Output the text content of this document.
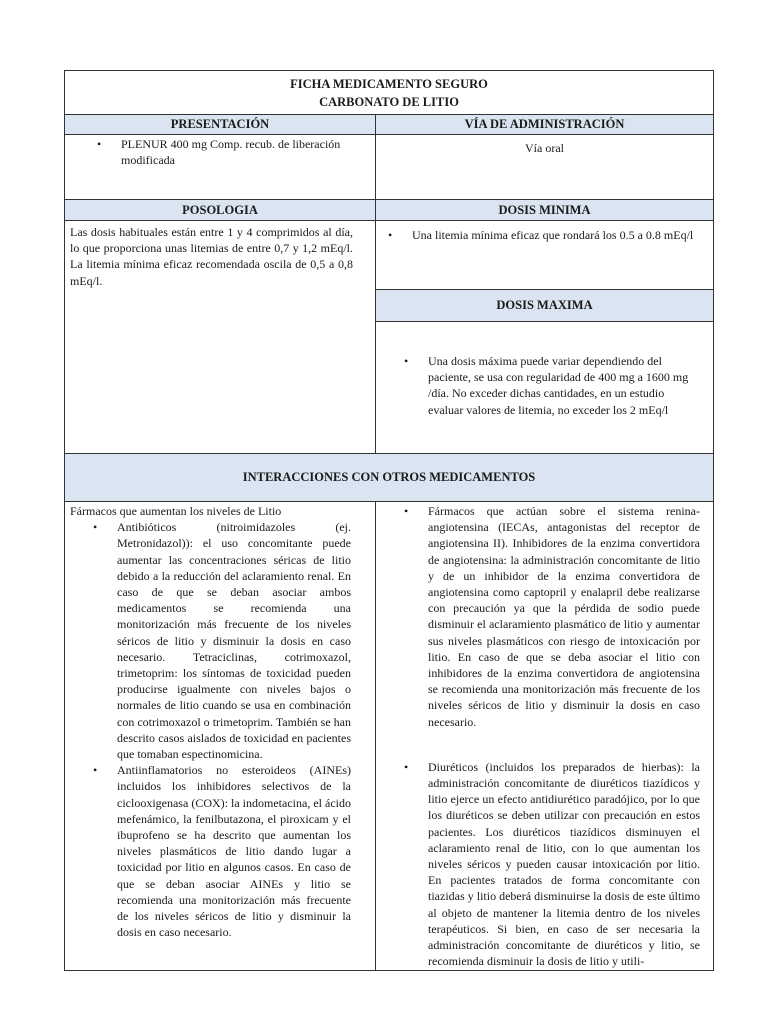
FICHA MEDICAMENTO SEGURO
CARBONATO DE LITIO
PRESENTACIÓN	VÍA DE ADMINISTRACIÓN
• PLENUR 400 mg Comp. recub. de liberación modificada
Vía oral
POSOLOGIA	DOSIS MINIMA
Las dosis habituales están entre 1 y 4 comprimidos al día, lo que proporciona unas litemias de entre 0,7 y 1,2 mEq/l. La litemia mínima eficaz recomendada oscila de 0,5 a 0,8 mEq/l.
• Una litemia mínima eficaz que rondará los 0.5 a 0.8 mEq/l
DOSIS MAXIMA
• Una dosis máxima puede variar dependiendo del paciente, se usa con regularidad de 400 mg a 1600 mg /día. No exceder dichas cantidades, en un estudio evaluar valores de litemia, no exceder los 2 mEq/l
INTERACCIONES CON OTROS MEDICAMENTOS
Fármacos que aumentan los niveles de Litio
• Antibióticos (nitroimidazoles (ej. Metronidazol)): el uso concomitante puede aumentar las concentraciones séricas de litio debido a la reducción del aclaramiento renal. En caso de que se deban asociar ambos medicamentos se recomienda una monitorización más frecuente de los niveles séricos de litio y disminuir la dosis en caso necesario. Tetraciclinas, cotrimoxazol, trimetoprim: los síntomas de toxicidad pueden producirse igualmente con niveles bajos o normales de litio cuando se usa en combinación con cotrimoxazol o trimetoprim. También se han descrito casos aislados de toxicidad en pacientes que tomaban espectinomicina.
• Antiinflamatorios no esteroideos (AINEs) incluidos los inhibidores selectivos de la ciclooxigenasa (COX): la indometacina, el ácido mefenámico, la fenilbutazona, el piroxicam y el ibuprofeno se ha descrito que aumentan los niveles plasmáticos de litio dando lugar a toxicidad por litio en algunos casos. En caso de que se deban asociar AINEs y litio se recomienda una monitorización más frecuente de los niveles séricos de litio y disminuir la dosis en caso necesario.
• Fármacos que actúan sobre el sistema renina-angiotensina (IECAs, antagonistas del receptor de angiotensina II). Inhibidores de la enzima convertidora de angiotensina: la administración concomitante de litio y de un inhibidor de la enzima convertidora de angiotensina como captopril y enalapril debe realizarse con precaución ya que la pérdida de sodio puede disminuir el aclaramiento plasmático de litio y aumentar sus niveles plasmáticos con riesgo de intoxicación por litio. En caso de que se deba asociar el litio con inhibidores de la enzima convertidora de angiotensina se recomienda una monitorización más frecuente de los niveles séricos de litio y disminuir la dosis en caso necesario.
• Diuréticos (incluidos los preparados de hierbas): la administración concomitante de diuréticos tiazídicos y litio ejerce un efecto antidiurético paradójico, por lo que los diuréticos se deben utilizar con precaución en estos pacientes. Los diuréticos tiazídicos disminuyen el aclaramiento renal de litio, con lo que aumentan los niveles séricos y pueden causar intoxicación por litio. En pacientes tratados de forma concomitante con tiazidas y litio deberá disminuirse la dosis de este último al objeto de mantener la litemia dentro de los niveles terapéuticos. Si bien, en caso de ser necesaria la administración concomitante de diuréticos y litio, se recomienda disminuir la dosis de litio y utili-
